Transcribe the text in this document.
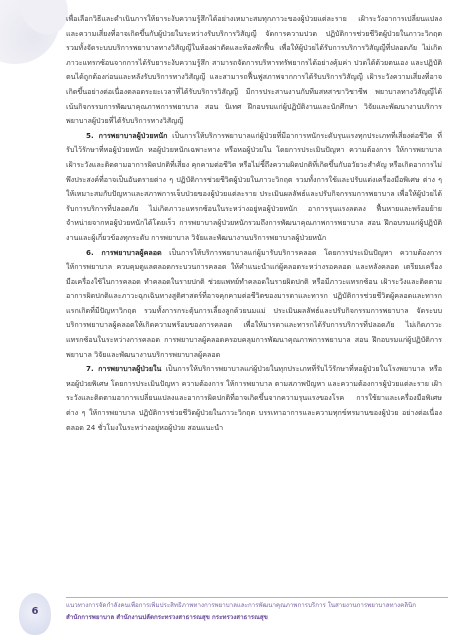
เพื่อเลือกวิธีและดำเนินการให้ยาระงับความรู้สึกได้อย่างเหมาะสมทุกภาวะของผู้ป่วยแต่ละราย เฝ้าระวังอาการเปลี่ยนแปลงและความเสี่ยงที่อาจเกิดขึ้นกับผู้ป่วยในระหว่างรับบริการวิสัญญี จัดการความปวด ปฏิบัติการช่วยชีวิตผู้ป่วยในภาวะวิกฤต รวมทั้งจัดระบบบริการพยาบาลทางวิสัญญีในห้องผ่าตัดและห้องพักฟื้น เพื่อให้ผู้ป่วยได้รับการบริการวิสัญญีที่ปลอดภัย ไม่เกิดภาวะแทรกซ้อนจากการได้รับยาระงับความรู้สึก สามารถจัดการบริหารทรัพยากรได้อย่างคุ้มค่า ปวดได้ด้วยตนเอง และปฏิบัติตนได้ถูกต้องก่อนและหลังรับบริการทางวิสัญญี และสามารถฟื้นฟูสภาพจากการได้รับบริการวิสัญญี เฝ้าระวังความเสี่ยงที่อาจเกิดขึ้นอย่างต่อเนื่องตลอดระยะเวลาที่ได้รับบริการวิสัญญี มีการประสานงานกับทีมสหสาขาวิชาชีพ พยาบาลทางวิสัญญีได้เน้นกิจกรรมการพัฒนาคุณภาพการพยาบาล สอน นิเทศ ฝึกอบรมแก่ผู้ปฏิบัติงานและนักศึกษา วิจัยและพัฒนางานบริการพยาบาลผู้ป่วยที่ได้รับบริการทางวิสัญญี

5. การพยาบาลผู้ป่วยหนัก เป็นการให้บริการพยาบาลแก่ผู้ป่วยที่มีอาการหนักระดับรุนแรงทุกประเภทที่เสี่ยงต่อชีวิต ที่รับไว้รักษาที่หอผู้ป่วยหนัก หอผู้ป่วยหนักเฉพาะทาง หรือหอผู้ป่วยใน โดยการประเมินปัญหา ความต้องการ ให้การพยาบาล เฝ้าระวังและติดตามอาการผิดปกติที่เสี่ยง คุกคามต่อชีวิต หรือไม่ชี้ถึงความผิดปกติที่เกิดขึ้นกับอวัยวะสำคัญ หรือเกิดอาการไม่พึงประสงค์ที่อาจเป็นอันตรายต่าง ๆ ปฏิบัติการช่วยชีวิตผู้ป่วยในภาวะวิกฤต รวมทั้งการใช้และปรับแต่งเครื่องมือพิเศษ ต่าง ๆ ให้เหมาะสมกับปัญหาและสภาพการเจ็บป่วยของผู้ป่วยแต่ละราย ประเมินผลลัพธ์และปรับกิจกรรมการพยาบาล เพื่อให้ผู้ป่วยได้รับการบริการที่ปลอดภัย ไม่เกิดภาวะแทรกซ้อนในระหว่างอยู่หอผู้ป่วยหนัก อาการรุนแรงลดลง ฟื้นหายและพร้อมย้ายจำหน่ายจากหอผู้ป่วยหนักได้โดยเร็ว การพยาบาลผู้ป่วยหนักรวมถึงการพัฒนาคุณภาพการพยาบาล สอน ฝึกอบรมแก่ผู้ปฏิบัติงานและผู้เกี่ยวข้องทุกระดับ การพยาบาล วิจัยและพัฒนางานบริการพยาบาลผู้ป่วยหนัก

6. การพยาบาลผู้คลอด เป็นการให้บริการพยาบาลแก่ผู้มารับบริการคลอด โดยการประเมินปัญหา ความต้องการ ให้การพยาบาล ควบคุมดูแลตลอดกระบวนการคลอด ให้คำแนะนำแก่ผู้คลอดระหว่างรอคลอด และหลังคลอด เตรียมเครื่องมือเครื่องใช้ในการคลอด ทำคลอดในรายปกติ ช่วยแพทย์ทำคลอดในรายผิดปกติ หรือมีภาวะแทรกซ้อน เฝ้าระวังและติดตามอาการผิดปกติและภาวะฉุกเฉินทางสูติศาสตร์ที่อาจคุกคามต่อชีวิตของมารดาและทารก ปฏิบัติการช่วยชีวิตผู้คลอดและทารกแรกเกิดที่มีปัญหาวิกฤต รวมทั้งการกระตุ้นการเลี้ยงลูกด้วยนมแม่ ประเมินผลลัพธ์และปรับกิจกรรมการพยาบาล จัดระบบบริการพยาบาลผู้คลอดให้เกิดความพร้อมของการคลอด เพื่อให้มารดาและทารกได้รับการบริการที่ปลอดภัย ไม่เกิดภาวะแทรกซ้อนในระหว่างการคลอด การพยาบาลผู้คลอดครอบคลุมการพัฒนาคุณภาพการพยาบาล สอน ฝึกอบรมแก่ผู้ปฏิบัติการพยาบาล วิจัยและพัฒนางานบริการพยาบาลผู้คลอด

7. การพยาบาลผู้ป่วยใน เป็นการให้บริการพยาบาลแก่ผู้ป่วยในทุกประเภทที่รับไว้รักษาที่หอผู้ป่วยในโรงพยาบาล หรือหอผู้ป่วยพิเศษ โดยการประเมินปัญหา ความต้องการ ให้การพยาบาล ตามสภาพปัญหา และความต้องการผู้ป่วยแต่ละราย เฝ้าระวังและติดตามอาการเปลี่ยนแปลงและอาการผิดปกติที่อาจเกิดขึ้นจากความรุนแรงของโรค การใช้ยาและเครื่องมือพิเศษต่าง ๆ ให้การพยาบาล ปฏิบัติการช่วยชีวิตผู้ป่วยในภาวะวิกฤต บรรเทาอาการและความทุกข์ทรมานของผู้ป่วย อย่างต่อเนื่องตลอด 24 ชั่วโมงในระหว่างอยู่หอผู้ป่วย สอนแนะนำ

แนวทางการจัดกำลังคนเพื่อการเพิ่มประสิทธิภาพทางการพยาบาลและการพัฒนาคุณภาพการบริการ ในสายงานการพยาบาลทางคลินิก
สำนักการพยาบาล สำนักงานปลัดกระทรวงสาธารณสุข กระทรวงสาธารณสุข
6
